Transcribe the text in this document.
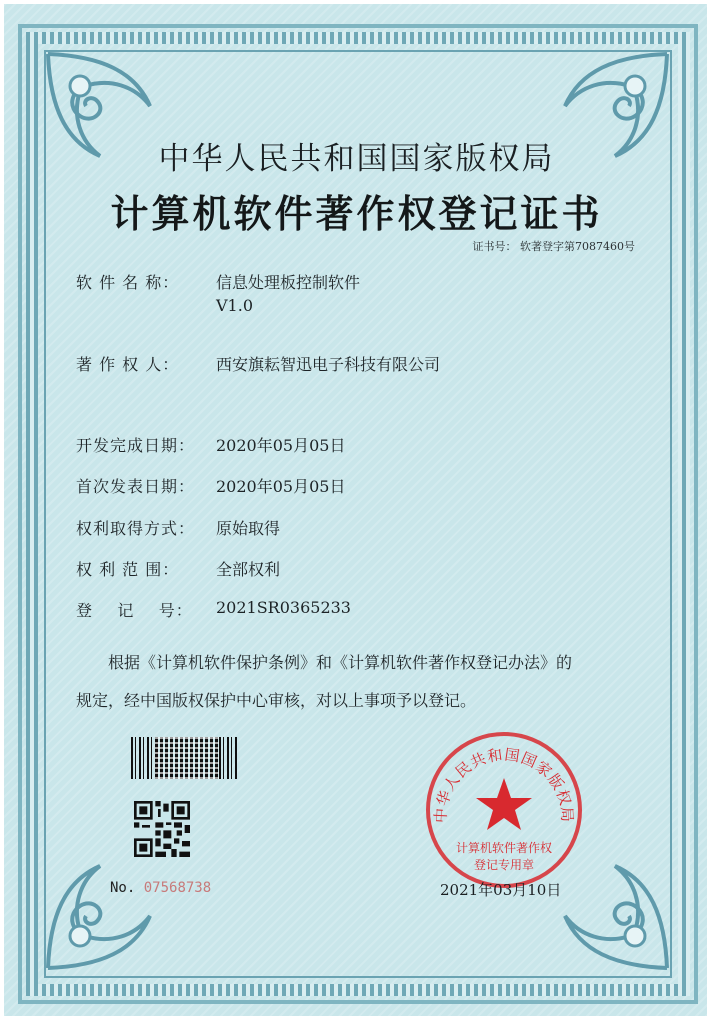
中华人民共和国国家版权局
计算机软件著作权登记证书
证书号： 软著登字第7087460号
软 件 名 称：	信息处理板控制软件
V1.0
著 作 权 人：	西安旗耘智迅电子科技有限公司
开发完成日期：	2020年05月05日
首次发表日期：	2020年05月05日
权利取得方式：	原始取得
权 利 范 围：	全部权利
登    记    号：	2021SR0365233
根据《计算机软件保护条例》和《计算机软件著作权登记办法》的
规定，经中国版权保护中心审核，对以上事项予以登记。
No. 07568738
中华人民共和国国家版权局
计算机软件著作权
登记专用章
2021年03月10日
